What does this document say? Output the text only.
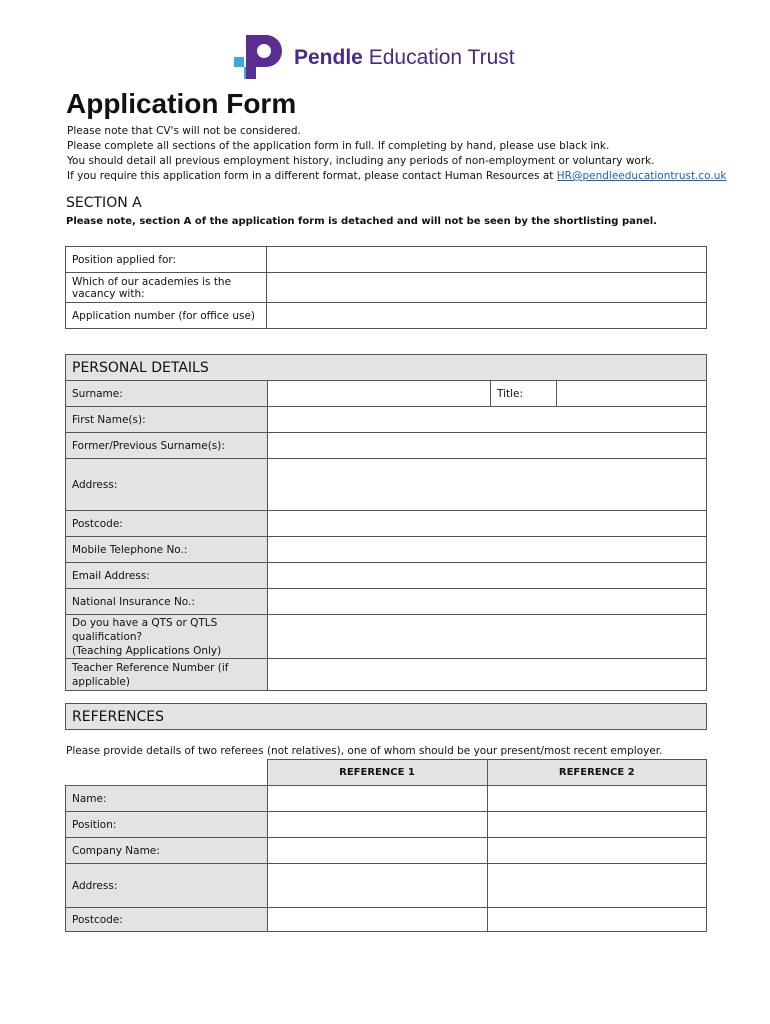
Pendle Education Trust
Application Form
Please note that CV's will not be considered.
Please complete all sections of the application form in full. If completing by hand, please use black ink.
You should detail all previous employment history, including any periods of non-employment or voluntary work.
If you require this application form in a different format, please contact Human Resources at HR@pendleeducationtrust.co.uk
SECTION A
Please note, section A of the application form is detached and will not be seen by the shortlisting panel.
Position applied for:	
Which of our academies is the vacancy with:	
Application number (for office use)	
PERSONAL DETAILS
Surname:		Title:	
First Name(s):			
Former/Previous Surname(s):			
Address:			
Postcode:			
Mobile Telephone No.:			
Email Address:			
National Insurance No.:			

Do you have a QTS or QTLS qualification?
(Teaching Applications Only)			

Teacher Reference Number (if applicable)			
REFERENCES
Please provide details of two referees (not relatives), one of whom should be your present/most recent employer.
	REFERENCE 1	REFERENCE 2
Name:		
Position:		
Company Name:		
Address:		
Postcode:		
